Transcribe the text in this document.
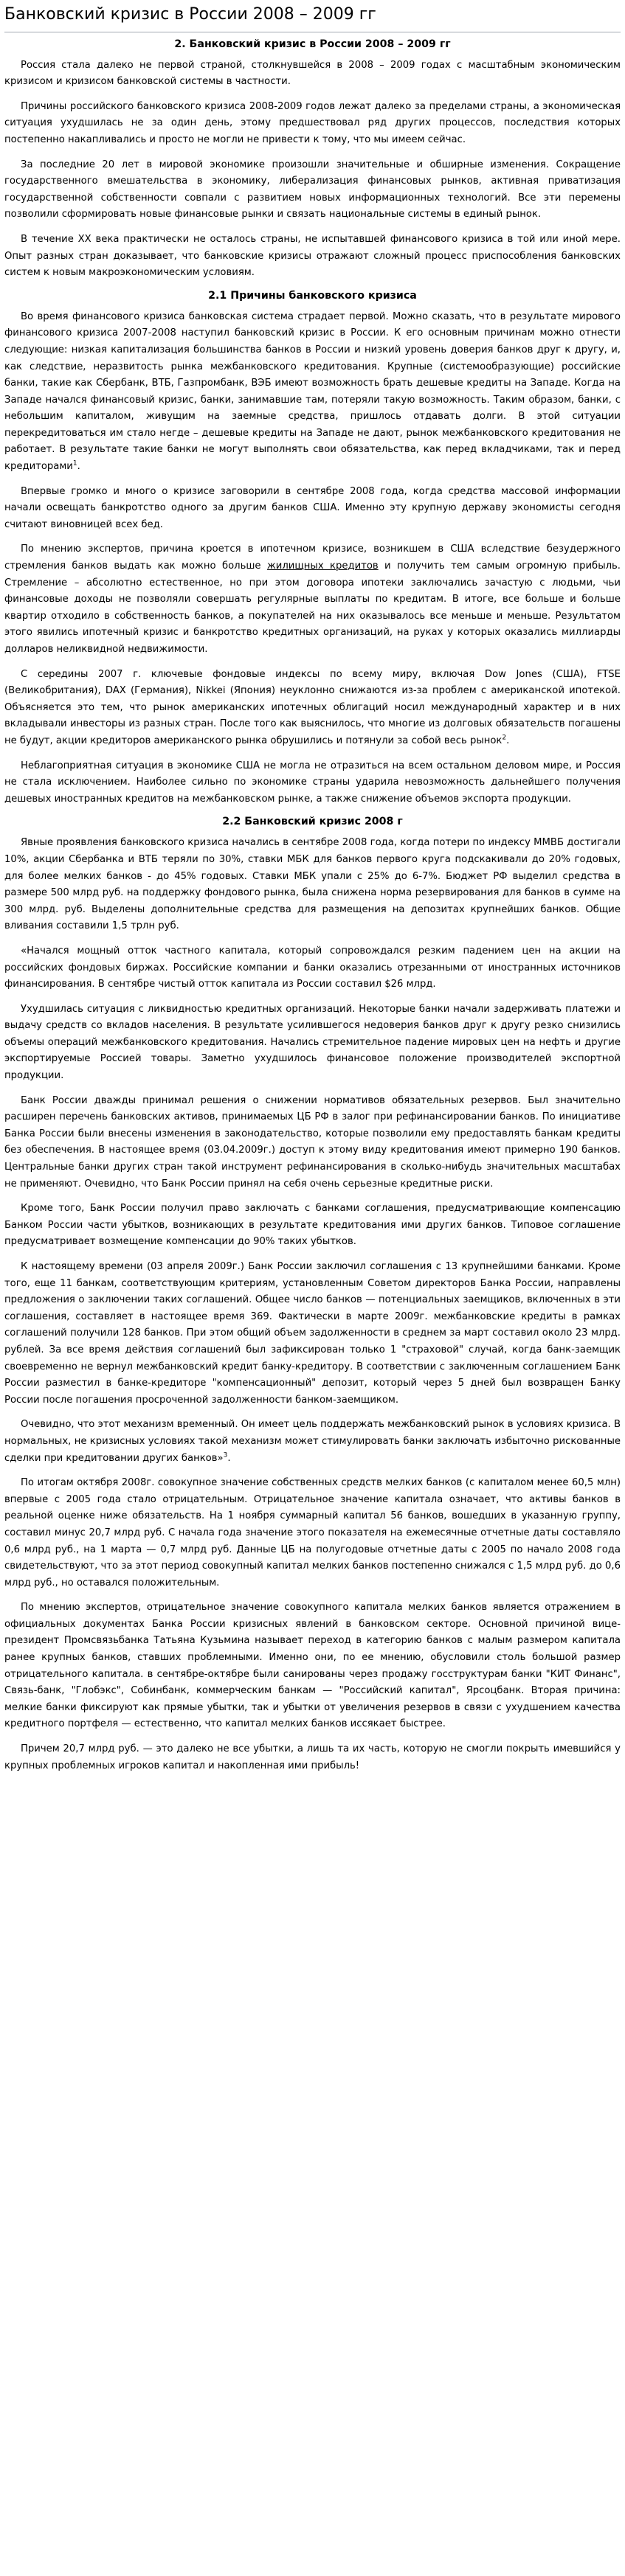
Банковский кризис в России 2008 – 2009 гг
2. Банковский кризис в России 2008 – 2009 гг

Россия стала далеко не первой страной, столкнувшейся в 2008 – 2009 годах с масштабным экономическим кризисом и кризисом банковской системы в частности.

Причины российского банковского кризиса 2008-2009 годов лежат далеко за пределами страны, а экономическая ситуация ухудшилась не за один день, этому предшествовал ряд других процессов, последствия которых постепенно накапливались и просто не могли не привести к тому, что мы имеем сейчас.

За последние 20 лет в мировой экономике произошли значительные и обширные изменения. Сокращение государственного вмешательства в экономику, либерализация финансовых рынков, активная приватизация государственной собственности совпали с развитием новых информационных технологий. Все эти перемены позволили сформировать новые финансовые рынки и связать национальные системы в единый рынок.

В течение XX века практически не осталось страны, не испытавшей финансового кризиса в той или иной мере. Опыт разных стран доказывает, что банковские кризисы отражают сложный процесс приспособления банковских систем к новым макроэкономическим условиям.

2.1 Причины банковского кризиса

Во время финансового кризиса банковская система страдает первой. Можно сказать, что в результате мирового финансового кризиса 2007-2008 наступил банковский кризис в России. К его основным причинам можно отнести следующие: низкая капитализация большинства банков в России и низкий уровень доверия банков друг к другу, и, как следствие, неразвитость рынка межбанковского кредитования. Крупные (системообразующие) российские банки, такие как Сбербанк, ВТБ, Газпромбанк, ВЭБ имеют возможность брать дешевые кредиты на Западе. Когда на Западе начался финансовый кризис, банки, занимавшие там, потеряли такую возможность. Таким образом, банки, с небольшим капиталом, живущим на заемные средства, пришлось отдавать долги. В этой ситуации перекредитоваться им стало негде – дешевые кредиты на Западе не дают, рынок межбанковского кредитования не работает. В результате такие банки не могут выполнять свои обязательства, как перед вкладчиками, так и перед кредиторами$^1$.

Впервые громко и много о кризисе заговорили в сентябре 2008 года, когда средства массовой информации начали освещать банкротство одного за другим банков США. Именно эту крупную державу экономисты сегодня считают виновницей всех бед.

По мнению экспертов, причина кроется в ипотечном кризисе, возникшем в США вследствие безудержного стремления банков выдать как можно больше жилищных кредитов и получить тем самым огромную прибыль. Стремление – абсолютно естественное, но при этом договора ипотеки заключались зачастую с людьми, чьи финансовые доходы не позволяли совершать регулярные выплаты по кредитам. В итоге, все больше и больше квартир отходило в собственность банков, а покупателей на них оказывалось все меньше и меньше. Результатом этого явились ипотечный кризис и банкротство кредитных организаций, на руках у которых оказались миллиарды долларов неликвидной недвижимости.

С середины 2007 г. ключевые фондовые индексы по всему миру, включая Dow Jones (США), FTSE (Великобритания), DAX (Германия), Nikkei (Япония) неуклонно снижаются из-за проблем с американской ипотекой. Объясняется это тем, что рынок американских ипотечных облигаций носил международный характер и в них вкладывали инвесторы из разных стран. После того как выяснилось, что многие из долговых обязательств погашены не будут, акции кредиторов американского рынка обрушились и потянули за собой весь рынок$^2$.

Неблагоприятная ситуация в экономике США не могла не отразиться на всем остальном деловом мире, и Россия не стала исключением. Наиболее сильно по экономике страны ударила невозможность дальнейшего получения дешевых иностранных кредитов на межбанковском рынке, а также снижение объемов экспорта продукции.

2.2 Банковский кризис 2008 г

Явные проявления банковского кризиса начались в сентябре 2008 года, когда потери по индексу ММВБ достигали 10%, акции Сбербанка и ВТБ теряли по 30%, ставки МБК для банков первого круга подскакивали до 20% годовых, для более мелких банков - до 45% годовых. Ставки МБК упали с 25% до 6-7%. Бюджет РФ выделил средства в размере 500 млрд руб. на поддержку фондового рынка, была снижена норма резервирования для банков в сумме на 300 млрд. руб. Выделены дополнительные средства для размещения на депозитах крупнейших банков. Общие вливания составили 1,5 трлн руб.

«Начался мощный отток частного капитала, который сопровождался резким падением цен на акции на российских фондовых биржах. Российские компании и банки оказались отрезанными от иностранных источников финансирования. В сентябре чистый отток капитала из России составил $26 млрд.

Ухудшилась ситуация с ликвидностью кредитных организаций. Некоторые банки начали задерживать платежи и выдачу средств со вкладов населения. В результате усилившегося недоверия банков друг к другу резко снизились объемы операций межбанковского кредитования. Начались стремительное падение мировых цен на нефть и другие экспортируемые Россией товары. Заметно ухудшилось финансовое положение производителей экспортной продукции.

Банк России дважды принимал решения о снижении нормативов обязательных резервов. Был значительно расширен перечень банковских активов, принимаемых ЦБ РФ в залог при рефинансировании банков. По инициативе Банка России были внесены изменения в законодательство, которые позволили ему предоставлять банкам кредиты без обеспечения. В настоящее время (03.04.2009г.) доступ к этому виду кредитования имеют примерно 190 банков. Центральные банки других стран такой инструмент рефинансирования в сколько-нибудь значительных масштабах не применяют. Очевидно, что Банк России принял на себя очень серьезные кредитные риски.

Кроме того, Банк России получил право заключать с банками соглашения, предусматривающие компенсацию Банком России части убытков, возникающих в результате кредитования ими других банков. Типовое соглашение предусматривает возмещение компенсации до 90% таких убытков.

К настоящему времени (03 апреля 2009г.) Банк России заключил соглашения с 13 крупнейшими банками. Кроме того, еще 11 банкам, соответствующим критериям, установленным Советом директоров Банка России, направлены предложения о заключении таких соглашений. Общее число банков — потенциальных заемщиков, включенных в эти соглашения, составляет в настоящее время 369. Фактически в марте 2009г. межбанковские кредиты в рамках соглашений получили 128 банков. При этом общий объем задолженности в среднем за март составил около 23 млрд. рублей. За все время действия соглашений был зафиксирован только 1 "страховой" случай, когда банк-заемщик своевременно не вернул межбанковский кредит банку-кредитору. В соответствии с заключенным соглашением Банк России разместил в банке-кредиторе "компенсационный" депозит, который через 5 дней был возвращен Банку России после погашения просроченной задолженности банком-заемщиком.

Очевидно, что этот механизм временный. Он имеет цель поддержать межбанковский рынок в условиях кризиса. В нормальных, не кризисных условиях такой механизм может стимулировать банки заключать избыточно рискованные сделки при кредитовании других банков»$^3$.

По итогам октября 2008г. совокупное значение собственных средств мелких банков (с капиталом менее 60,5 млн) впервые с 2005 года стало отрицательным. Отрицательное значение капитала означает, что активы банков в реальной оценке ниже обязательств. На 1 ноября суммарный капитал 56 банков, вошедших в указанную группу, составил минус 20,7 млрд руб. С начала года значение этого показателя на ежемесячные отчетные даты составляло 0,6 млрд руб., на 1 марта — 0,7 млрд руб. Данные ЦБ на полугодовые отчетные даты с 2005 по начало 2008 года свидетельствуют, что за этот период совокупный капитал мелких банков постепенно снижался с 1,5 млрд руб. до 0,6 млрд руб., но оставался положительным.

По мнению экспертов, отрицательное значение совокупного капитала мелких банков является отражением в официальных документах Банка России кризисных явлений в банковском секторе. Основной причиной вице-президент Промсвязьбанка Татьяна Кузьмина называет переход в категорию банков с малым размером капитала ранее крупных банков, ставших проблемными. Именно они, по ее мнению, обусловили столь большой размер отрицательного капитала. в сентябре-октябре были санированы через продажу госструктурам банки "КИТ Финанс", Связь-банк, "Глобэкс", Собинбанк, коммерческим банкам — "Российский капитал", Ярсоцбанк. Вторая причина: мелкие банки фиксируют как прямые убытки, так и убытки от увеличения резервов в связи с ухудшением качества кредитного портфеля — естественно, что капитал мелких банков иссякает быстрее.

Причем 20,7 млрд руб. — это далеко не все убытки, а лишь та их часть, которую не смогли покрыть имевшийся у крупных проблемных игроков капитал и накопленная ими прибыль!
